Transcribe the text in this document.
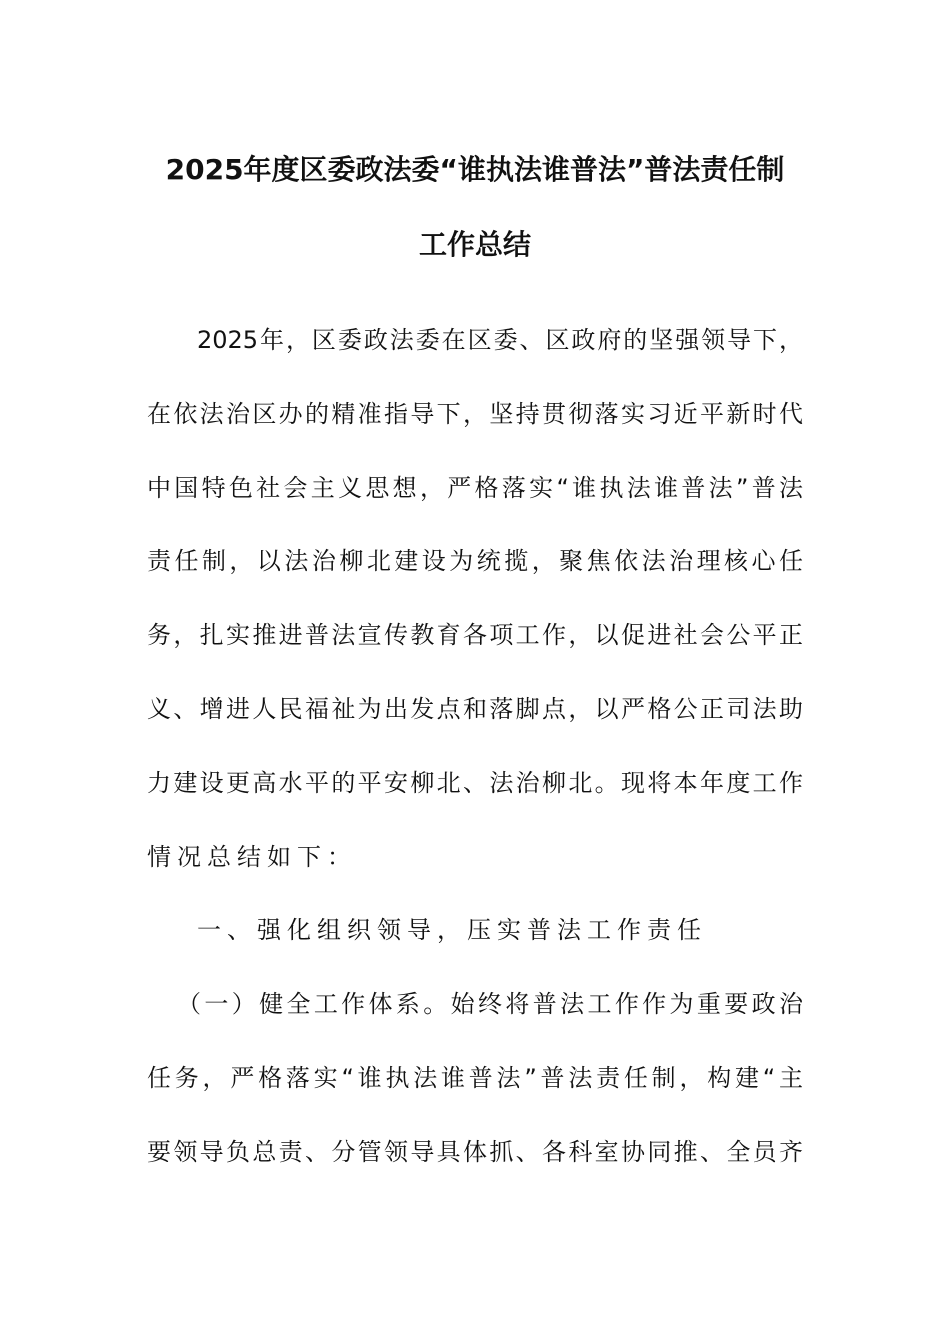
2025年度区委政法委“谁执法谁普法”普法责任制
工作总结
2025年，区委政法委在区委、区政府的坚强领导下，
在依法治区办的精准指导下，坚持贯彻落实习近平新时代
中国特色社会主义思想，严格落实“谁执法谁普法”普法
责任制，以法治柳北建设为统揽，聚焦依法治理核心任
务，扎实推进普法宣传教育各项工作，以促进社会公平正
义、增进人民福祉为出发点和落脚点，以严格公正司法助
力建设更高水平的平安柳北、法治柳北。现将本年度工作
情况总结如下：
一、强化组织领导，压实普法工作责任
（一）健全工作体系。始终将普法工作作为重要政治
任务，严格落实“谁执法谁普法”普法责任制，构建“主
要领导负总责、分管领导具体抓、各科室协同推、全员齐
